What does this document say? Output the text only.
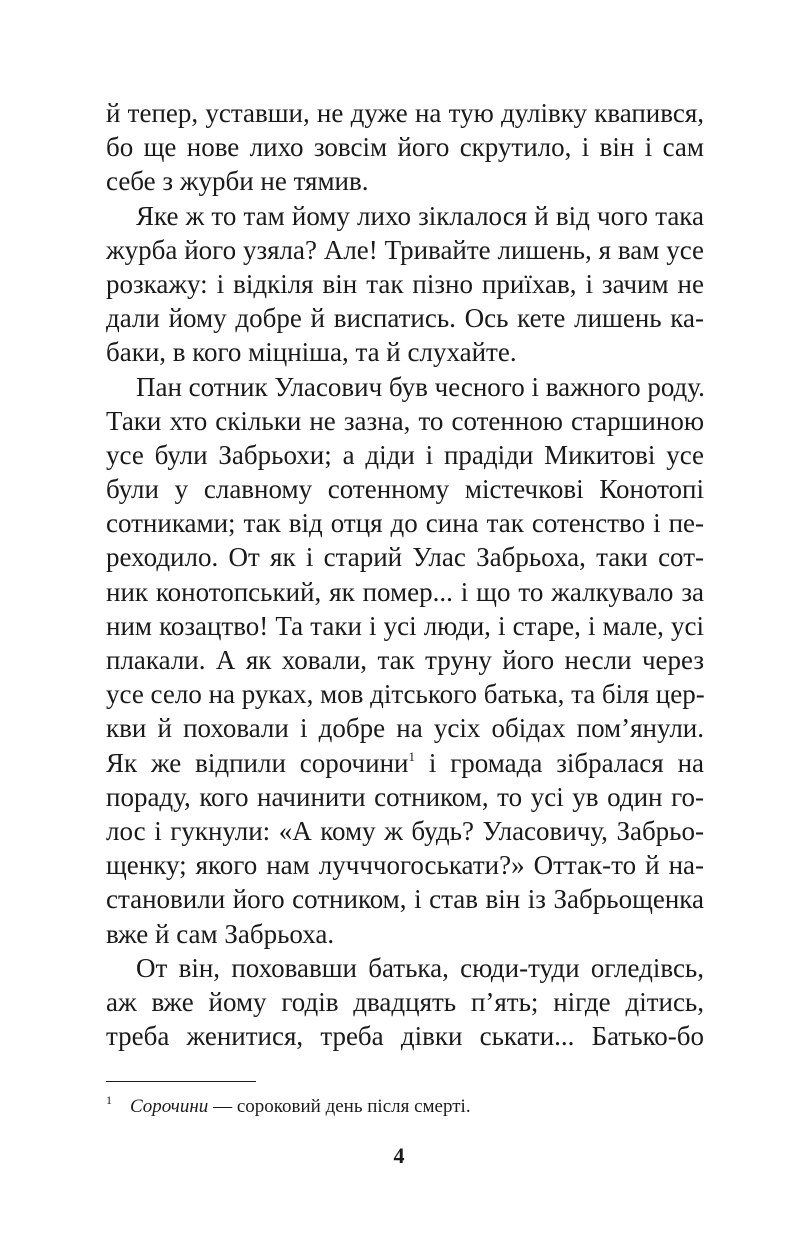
й тепер, уставши, не дуже на тую дулівку квапився,
бо ще нове лихо зовсім його скрутило, і він і сам
себе з журби не тямив.
Яке ж то там йому лихо зіклалося й від чого така
журба його узяла? Але! Тривайте лишень, я вам усе
розкажу: і відкіля він так пізно приїхав, і зачим не
дали йому добре й виспатись. Ось кете лишень ка-
баки, в кого міцніша, та й слухайте.
Пан сотник Уласович був чесного і важного роду.
Таки хто скільки не зазна, то сотенною старшиною
усе були Забрьохи; а діди і прадіди Микитові усе
були у славному сотенному містечкові Конотопі
сотниками; так від отця до сина так сотенство і пе-
реходило. От як і старий Улас Забрьоха, таки сот-
ник конотопський, як помер... і що то жалкувало за
ним козацтво! Та таки і усі люди, і старе, і мале, усі
плакали. А як ховали, так труну його несли через
усе село на руках, мов дітського батька, та біля цер-
кви й поховали і добре на усіх обідах пом’янули.
Як же відпили сорочини$^1$ і громада зібралася на
пораду, кого начинити сотником, то усі ув один го-
лос і гукнули: «А кому ж будь? Уласовичу, Забрьо-
щенку; якого нам лучччогоськати?» Оттак-то й на-
становили його сотником, і став він із Забрьощенка
вже й сам Забрьоха.
От він, поховавши батька, сюди-туди огледівсь,
аж вже йому годів двадцять п’ять; нігде дітись,
треба женитися, треба дівки ськати... Батько-бо
1 Сорочини — сороковий день після смерті.
4
